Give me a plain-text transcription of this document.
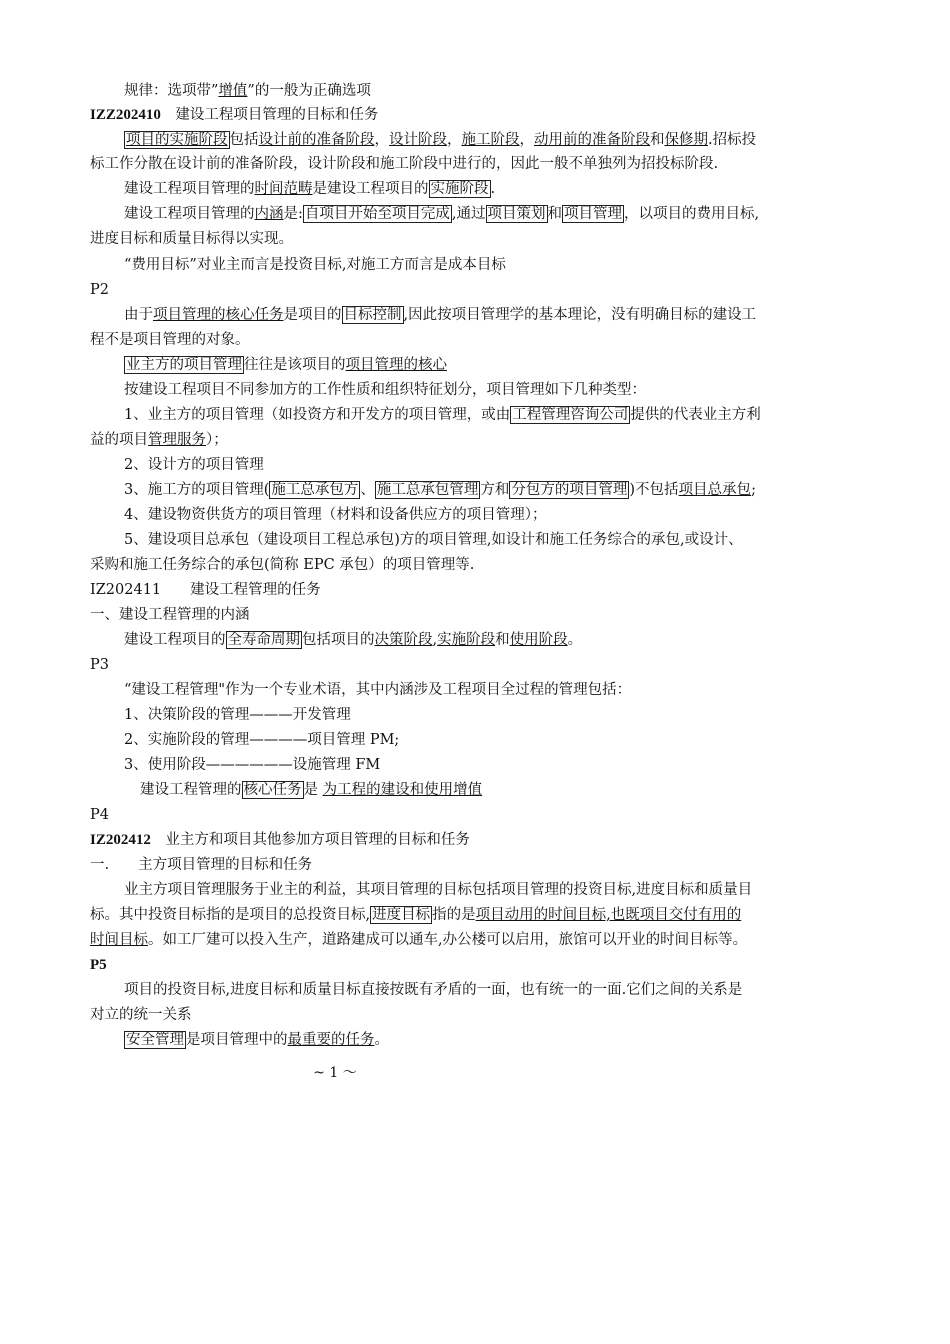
规律：选项带”增值”的一般为正确选项
IZZ202410　建设工程项目管理的目标和任务
项目的实施阶段 包括设计前的准备阶段，设计阶段，施工阶段，动用前的准备阶段和保修期.招标投
标工作分散在设计前的准备阶段，设计阶段和施工阶段中进行的，因此一般不单独列为招投标阶段.
建设工程项目管理的时间范畴是建设工程项目的 实施阶段 .
建设工程项目管理的内涵是: 自项目开始至项目完成 ,通过 项目策划 和 项目管理 ，以项目的费用目标,
进度目标和质量目标得以实现。
“费用目标”对业主而言是投资目标,对施工方而言是成本目标
P2
由于项目管理的核心任务是项目的 目标控制 ,因此按项目管理学的基本理论，没有明确目标的建设工
程不是项目管理的对象。
业主方的项目管理 往往是该项目的项目管理的核心
按建设工程项目不同参加方的工作性质和组织特征划分，项目管理如下几种类型：
1、业主方的项目管理（如投资方和开发方的项目管理，或由 工程管理咨询公司 提供的代表业主方利
益的项目管理服务）；
2、设计方的项目管理
3、施工方的项目管理( 施工总承包方 、 施工总承包管理 方和 分包方的项目管理 )不包括项目总承包;
4、建设物资供货方的项目管理（材料和设备供应方的项目管理）；
5、建设项目总承包（建设项目工程总承包)方的项目管理,如设计和施工任务综合的承包,或设计、
采购和施工任务综合的承包(简称 EPC 承包）的项目管理等.
IZ202411　　建设工程管理的任务
一、建设工程管理的内涵
建设工程项目的 全寿命周期 包括项目的决策阶段,实施阶段和使用阶段。
P3
“建设工程管理"作为一个专业术语，其中内涵涉及工程项目全过程的管理包括：
1、决策阶段的管理———开发管理
2、实施阶段的管理————项目管理 PM;
3、使用阶段——————设施管理 FM
建设工程管理的 核心任务 是 为工程的建设和使用增值
P4
IZ202412　业主方和项目其他参加方项目管理的目标和任务
一.　　主方项目管理的目标和任务
业主方项目管理服务于业主的利益，其项目管理的目标包括项目管理的投资目标,进度目标和质量目
标。其中投资目标指的是项目的总投资目标, 进度目标 指的是项目动用的时间目标,也既项目交付有用的
时间目标。如工厂建可以投入生产，道路建成可以通车,办公楼可以启用，旅馆可以开业的时间目标等。
P5
项目的投资目标,进度目标和质量目标直接按既有矛盾的一面，也有统一的一面.它们之间的关系是
对立的统一关系
安全管理 是项目管理中的最重要的任务。
~ 1 ～
